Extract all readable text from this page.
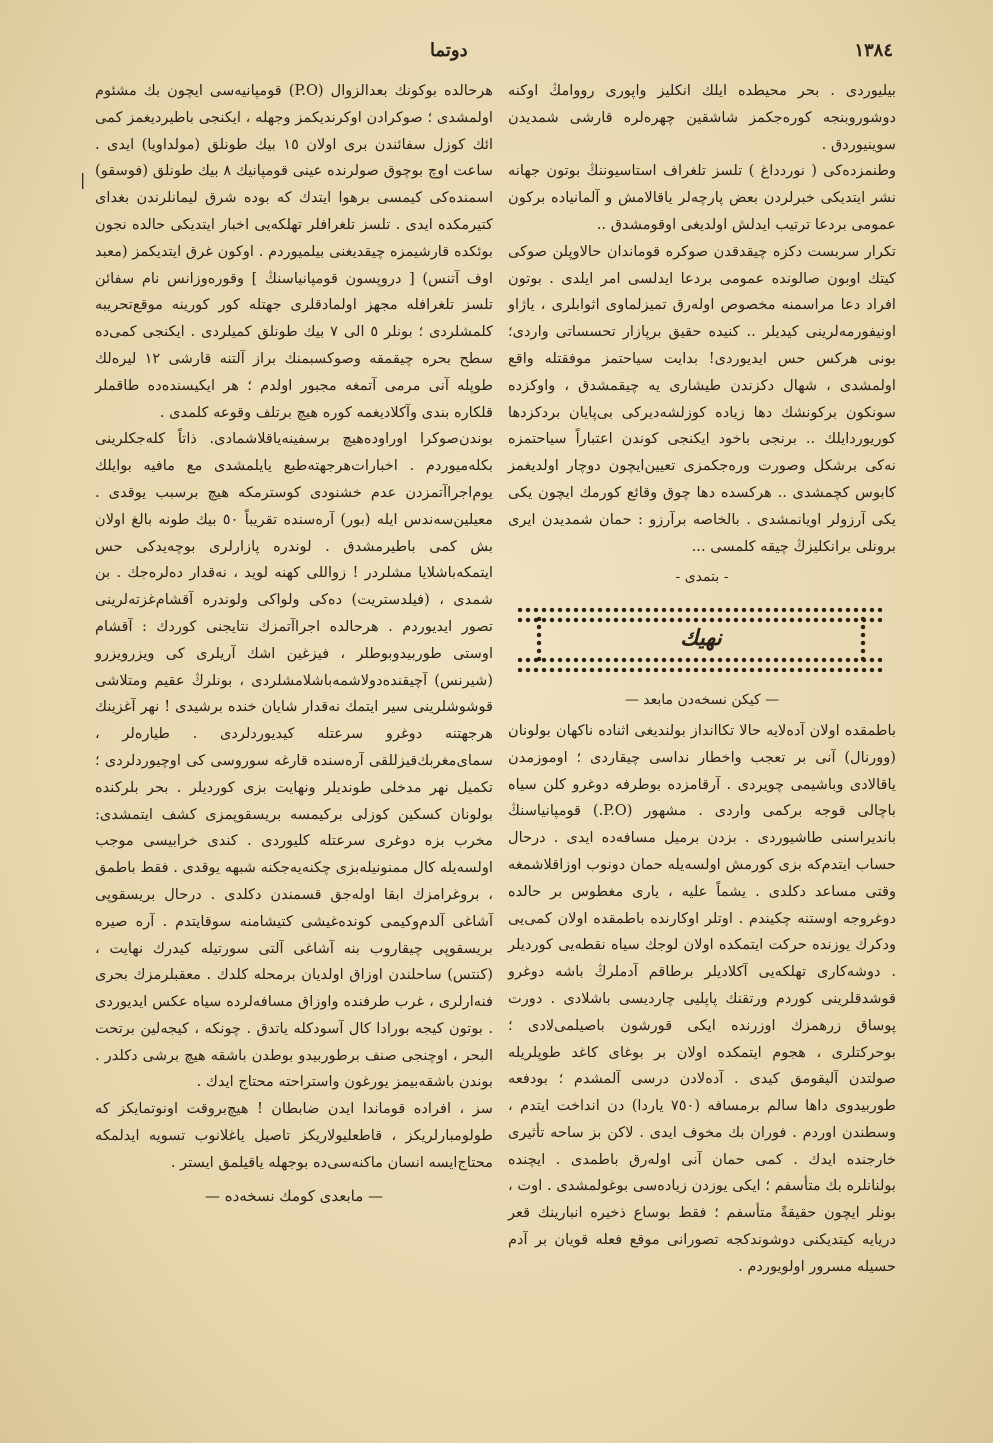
دوتما	١٣٨٤
|

بيليوردى . بحر محيطده ايلك انكليز واپورى رووامڭ اوكنه دوشوروبنجه كوره‌جكمز شاشقين چهره‌لره قارشى شمديدن سوينيوردق .

وطنمزده‌كى ( نوردداغ ) تلسز تلغراف استاسيوننڭ بوتون جهانه نشر ايتديكى خبرلردن بعض پارچه‌لر ياقالامش و آلمانياده بركون عمومى بردعا ترتيب ايدلش اولديغى اوقومشدق ..

تكرار سربست دكزه چيقدقدن صوكره قوماندان حالاوپلن صوكى كيتك اوبون صالونده عمومى بردعا ايدلسى امر ايلدى . بوتون افراد دعا مراسمنه مخصوص اوله‌رق تميزلماوى اثوابلرى ، ياژاو اونيفورمه‌لرينى كيديلر .. كنيده حقيق برپازار تحسساتى واردى؛ بونى هركس حس ايديوردى! بدايت سياحتمز موفقتله واقع اولمشدى ، شهال دكزندن طيشارى يه چيقمشدق ، واوكزده سونكون بركونشك دها زياده كوزلشه‌ديركى بى‌پايان بردكزدها كوريوردايلك .. برنجى باخود ايكنجى كوندن اعتباراً سياحتمزه نه‌كى برشكل وصورت وره‌جكمزى تعيين‌ايچون دوچار اولديغمز كابوس كچمشدى .. هركسده دها چوق وقائع كورمك ايچون يكى يكى آرزولر اويانمشدى . بالخاصه برآرزو : حمان شمديدن ايرى برونلى برانكليزڭ چيقه كلمسى ...

- بتمدى -
نهيك
— كيكن نسخه‌دن مابعد —

باطمقده اولان آدەلايه حالا تكاانداز بولنديغى اثناده ناكهان بولونان (وورنال) آنى بر تعجب واخطار نداسى چيقاردى ؛ اوموزمدن ياقالادى وباشيمى چويردى . آرقامزده بوطرفه دوغرو كلن سياه باچالى قوجه بركمى واردى . مشهور (P.O.) قومپانياسنڭ بانديراسنى طاشيوردى . بزدن برميل مسافه‌ده ايدى . درحال حساب ايتدم‌كه بزى كورمش اولسه‌يله حمان دونوب اوزاقلاشمغه وقتى مساعد دكلدى . يشماً عليه ، يارى مغطوس بر حالده دوغروجه اوستنه چكيندم . اوتلر اوكارنده باطمقده اولان كمى‌يى ودكرك يوزنده حركت ايتمكده اولان لوجك سياه نقطه‌يى كورديلر . دوشه‌كارى تهلكه‌يى آكلاديلر برطاقم آدملرڭ باشه دوغرو قوشدقلرينى كوردم ورتقنك پاپليى چاردیسى باشلادى . دورت پوساق زرهمزك اوزرنده ايكى قورشون باصيلمى‌لادى ؛ بوحركتلرى ، هجوم ايتمكده اولان بر بوغاى كاغد طوپلريله صولتدن آليقومق كيدى . آدەلادن درسى آلمشدم ؛ بودفعه طوربيدوى داها سالم برمسافه (٧٥٠ ياردا) دن انداخت ايتدم ، وسطندن اوردم . فوران بك مخوف ايدى . لاكن بز ساحه تأثيرى خارجنده ايدك . كمى حمان آنى اوله‌رق باطمدى . ايچنده بولنانلره بك متأسفم ؛ ايكى يوزدن زياده‌سى بوغولمشدى . اوت ، بونلر ايچون حقيقةً متأسفم ؛ فقط بوساع ذخيره انبارينك قعر دريايه كيتديكنى دوشوندكجه تصورانى موقع فعله قويان بر آدم حسيله مسرور اولويوردم .

هرحالده بوكونك بعدالزوال (P.O) قومپانيه‌سى ايچون بك مشئوم اولمشدى ؛ صوكرادن اوكرنديكمز وجهله ، ايكنجى باطيرديغمز كمى ائك كوزل سفائندن برى اولان ١٥ بيك طونلق (مولداويا) ايدى . ساعت اوچ بوچوق صولرنده عينى قومپانيك ٨ بيك طونلق (فوسقو) اسمنده‌كى كيمسى برهوا ايتدك كه بوده شرق ليمانلرندن بغداى كتيرمكده ايدى . تلسز تلغرافلر تهلكه‌يى اخبار ايتديكى حالده نجون بوئكده قارشيمزه چيقديغنى بيلميوردم . اوكون غرق ايتديكمز (معبد اوف آتنس) [ دروپسون قومپانياسنڭ ] وقوره‌وزانس نام سفائن تلسز تلغرافله مجهز اولمادقلرى جهتله كور كورينه موقع‌تحريبه كلمشلردى ؛ بونلر ٥ الى ٧ بيك طونلق كميلردى . ايكنجى كمى‌ده سطح بحره چيقمقه وصوكسبمنك براز آلتنه قارشى ١٢ ليره‌لك طوپله آنى مرمى آتمغه مجبور اولدم ؛ هر ايكيسنده‌ده طاقملر قلكاره بندى وآكلاديغمه كوره هيچ برتلف وقوعه كلمدى .

بوندن‌صوكرا اوراوده‌هيچ برسفينه‌ياقلاشمادى. ذاتاً كله‌جكلرينى بكله‌ميوردم . اخبارات‌هرجهته‌طبع يايلمشدى مع مافيه بوايلك يوم‌اجراآتمزدن عدم خشنودى كوسترمكه هيچ برسبب يوقدى . معيلين‌سه‌ندس ايله (بور) آره‌سنده تقريباً ٥٠ بيك طونه بالغ اولان بش كمى باطيرمشدق . لوندره پازارلرى بوچه‌يدكى حس ايتمكه‌باشلايا مشلردر ! زواللى كهنه لويد ، نه‌قدار ده‌لره‌جك . بن شمدى ، (فيلدستريت) ده‌كى ولواكى ولوندره آقشام‌غزته‌لرينى تصور ايديوردم . هرحالده اجراآتمزك نتايجنى كوردك : آقشام اوستى طوربيدوبوطلر ، فيزغين اشك آريلرى كى ويزرويزرو (شيرنس) آچيقنده‌دولاشمه‌باشلامشلردى ، بونلرڭ عقيم ومتلاشى قوشوشلرينى سير ايتمك نه‌قدار شايان خنده برشيدى ! نهر آغزينك هرجهتنه دوغرو سرعتله كيديوردلردى . طياره‌لر ، سماى‌مغربك‌قيزللقى آره‌سنده قارغه سوروسى كى اوچيوردلردى ؛ تكميل نهر مدخلى طونديلر ونهايت بزى كورديلر . بحر بلركنده بولونان كسكين كوزلى بركيمسه بريسقوپمزى كشف ايتمشدى: مخرب بزه دوغرى سرعتله كليوردى . كندى خرابيسى موجب اولسه‌يله كال ممنونيله‌بزى چكنه‌يه‌جكنه شبهه يوقدى . فقط باطمق ، بروغرامزك ابقا اوله‌جق قسمندن دكلدى . درحال بريسقوپى آشاغى آلدم‌وكيمى كونده‌غيشى كتيشامنه سوقايتدم . آره صيره بريسقوپى چيقاروب بنه آشاغى آلتى سورتيله كيدرك نهايت ، (كنتس) ساحلندن اوزاق اولديان برمحله كلدك . معقبلرمزك بحرى فنه‌ارلرى ، غرب طرفنده واوزاق مسافه‌لرده سياه عكس ايديوردى . بوتون كيجه بورادا كال آسودكله ياتدق . چونكه ، كيجه‌لين برتحت البحر ، اوچنجى صنف برطوربيدو بوطدن باشقه هيچ برشى دكلدر . بوندن باشقه‌بيمز يورغون واستراحته محتاج ايدك .

سز ، افراده قوماندا ايدن ضابطان ! هيچ‌بروقت اونوتمايكز كه طولومبارلريكز ، قاطعليولاريكز تاصيل ياغلانوب تسويه ايدلمكه محتاج‌ايسه انسان ماكنه‌سى‌ده بوجهله ياقيلمق ايستر .

— مابعدى كومك نسخه‌ده —
